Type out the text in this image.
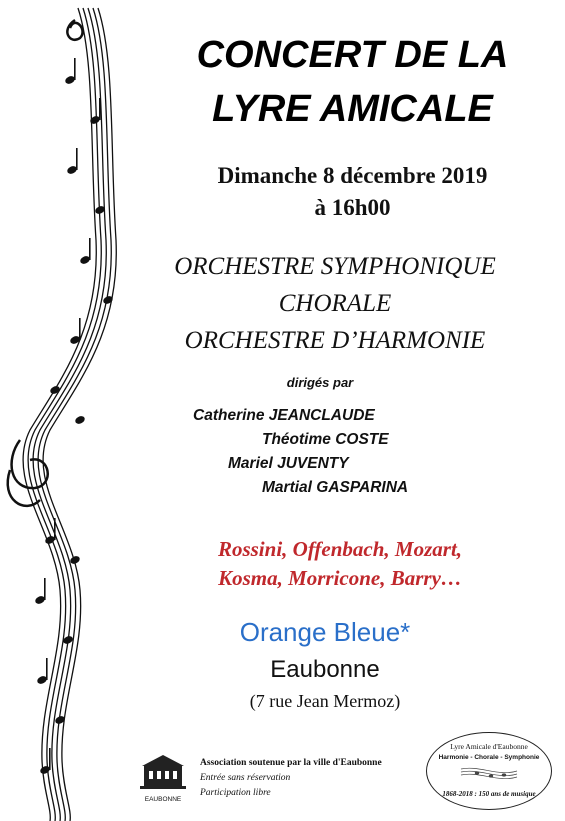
CONCERT DE LA
LYRE AMICALE
Dimanche 8 décembre 2019
à 16h00
ORCHESTRE SYMPHONIQUE
CHORALE
ORCHESTRE D’HARMONIE
dirigés par
Catherine JEANCLAUDE
Théotime COSTE
Mariel JUVENTY
Martial GASPARINA
Rossini, Offenbach, Mozart,
Kosma, Morricone, Barry…
Orange Bleue*
Eaubonne
(7 rue Jean Mermoz)
EAUBONNE
Association soutenue par la ville d'Eaubonne
Entrée sans réservation
Participation libre
Lyre Amicale d'Eaubonne
Harmonie - Chorale - Symphonie
1868-2018 : 150 ans de musique
